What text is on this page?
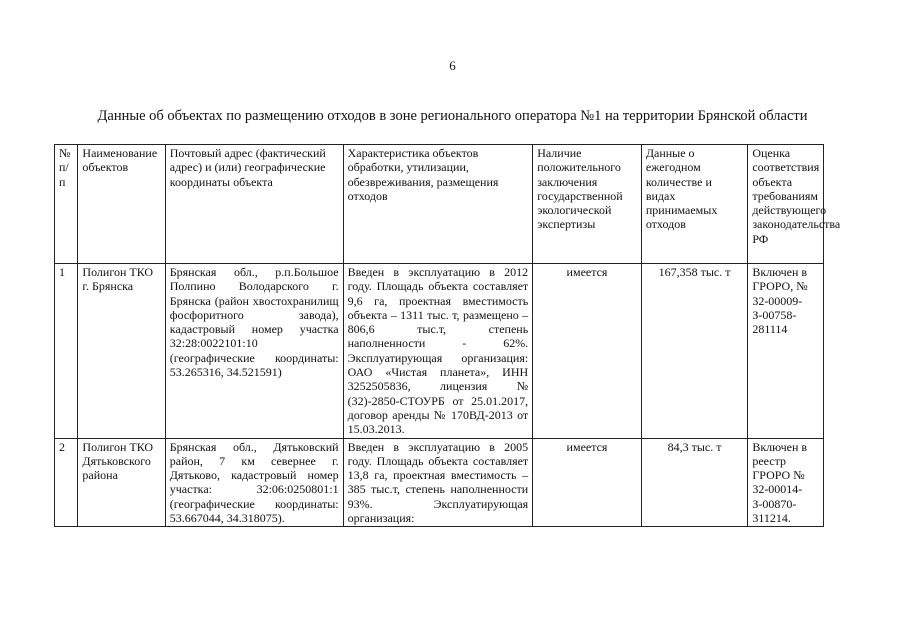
6
Данные об объектах по размещению отходов в зоне регионального оператора №1 на территории Брянской области
№ п/п	Наименование объектов	Почтовый адрес (фактический адрес) и (или) географические координаты объекта	Характеристика объектов обработки, утилизации, обезвреживания, размещения отходов	Наличие положительного заключения государственной экологической экспертизы	Данные о ежегодном количестве и видах принимаемых отходов	Оценка соответствия объекта требованиям действующего законодательства РФ
1	Полигон ТКО г. Брянска	Брянская обл., р.п.Большое Полпино Володарского г. Брянска (район хвостохранилищ фосфоритного завода), кадастровый номер участка 32:28:0022101:10 (географические координаты: 53.265316, 34.521591)	Введен в эксплуатацию в 2012 году. Площадь объекта составляет 9,6 га, проектная вместимость объекта – 1311 тыс. т, размещено – 806,6 тыс.т, степень наполненности - 62%. Эксплуатирующая организация: ОАО «Чистая планета», ИНН 3252505836, лицензия № (32)-2850-СТОУРБ от 25.01.2017, договор аренды № 170ВД-2013 от 15.03.2013.	имеется	167,358 тыс. т	Включен в ГРОРО, № 32-00009-З-00758-281114
2	Полигон ТКО Дятьковского района	Брянская обл., Дятьковский район, 7 км севернее г. Дятьково, кадастровый номер участка: 32:06:0250801:1 (географические координаты: 53.667044, 34.318075).	Введен в эксплуатацию в 2005 году. Площадь объекта составляет 13,8 га, проектная вместимость – 385 тыс.т, степень наполненности 93%. Эксплуатирующая организация:	имеется	84,3 тыс. т	Включен в реестр ГРОРО № 32-00014-З-00870-311214.
